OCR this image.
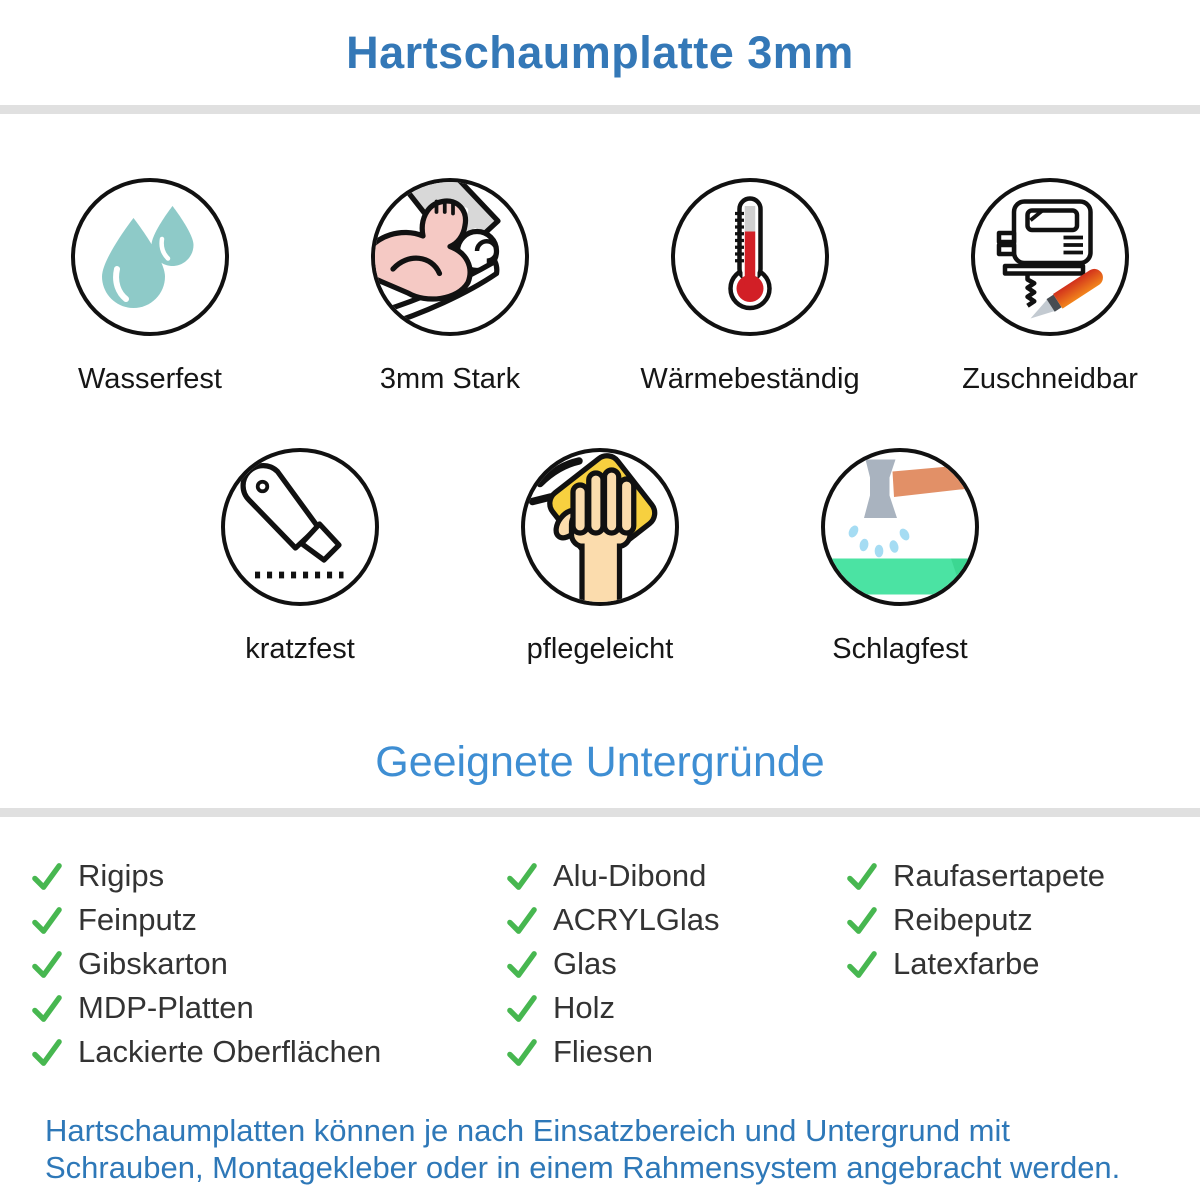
Hartschaumplatte 3mm
Wasserfest	3mm Stark	Wärmebeständig	Zuschneidbar
kratzfest	pflegeleicht	Schlagfest
Geeignete Untergründe
Rigips
Feinputz
Gibskarton
MDP-Platten
Lackierte Oberflächen
Alu-Dibond
ACRYLGlas
Glas
Holz
Fliesen
Raufasertapete
Reibeputz
Latexfarbe
Hartschaumplatten können je nach Einsatzbereich und Untergrund mit
Schrauben, Montagekleber oder in einem Rahmensystem angebracht werden.
